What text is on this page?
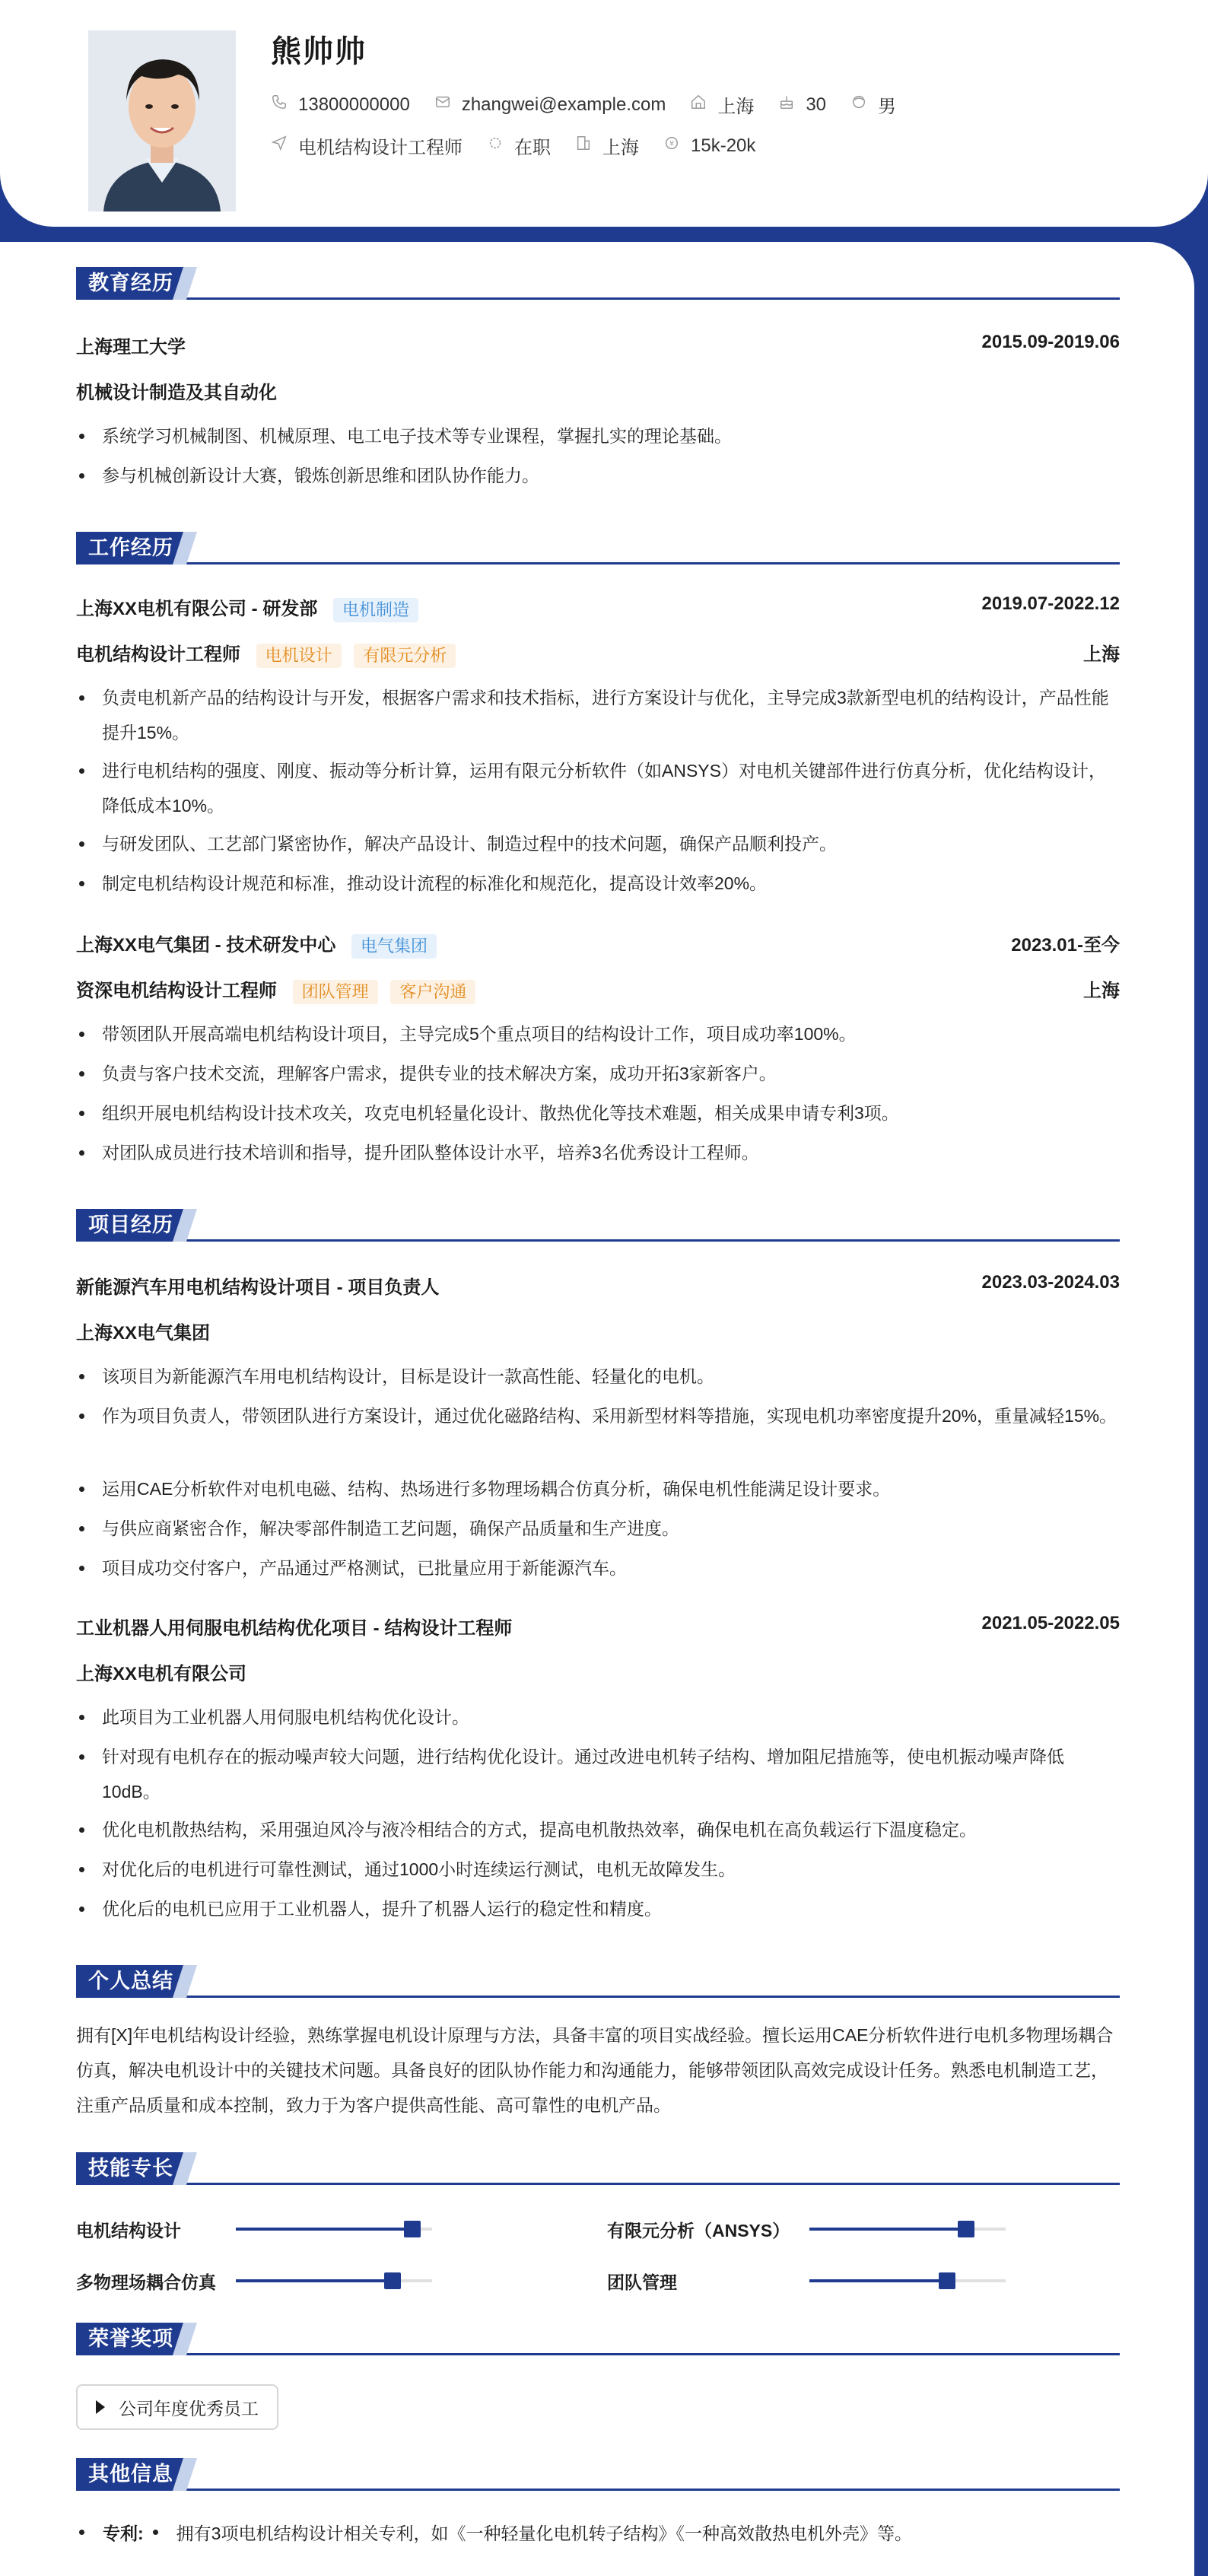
熊帅帅
13800000000	zhangwei@example.com	上海	30	男
电机结构设计工程师	在职	上海	¥ 15k-20k
教育经历
上海理工大学	2015.09-2019.06
机械设计制造及其自动化
系统学习机械制图、机械原理、电工电子技术等专业课程，掌握扎实的理论基础。
参与机械创新设计大赛，锻炼创新思维和团队协作能力。
工作经历
上海XX电机有限公司 - 研发部 电机制造	2019.07-2022.12
电机结构设计工程师 电机设计 有限元分析	上海
负责电机新产品的结构设计与开发，根据客户需求和技术指标，进行方案设计与优化，主导完成3款新型电机的结构设计，产品性能提升15%。
进行电机结构的强度、刚度、振动等分析计算，运用有限元分析软件（如ANSYS）对电机关键部件进行仿真分析，优化结构设计，降低成本10%。
与研发团队、工艺部门紧密协作，解决产品设计、制造过程中的技术问题，确保产品顺利投产。
制定电机结构设计规范和标准，推动设计流程的标准化和规范化，提高设计效率20%。
上海XX电气集团 - 技术研发中心 电气集团	2023.01-至今
资深电机结构设计工程师 团队管理 客户沟通	上海
带领团队开展高端电机结构设计项目，主导完成5个重点项目的结构设计工作，项目成功率100%。
负责与客户技术交流，理解客户需求，提供专业的技术解决方案，成功开拓3家新客户。
组织开展电机结构设计技术攻关，攻克电机轻量化设计、散热优化等技术难题，相关成果申请专利3项。
对团队成员进行技术培训和指导，提升团队整体设计水平，培养3名优秀设计工程师。
项目经历
新能源汽车用电机结构设计项目 - 项目负责人	2023.03-2024.03
上海XX电气集团
该项目为新能源汽车用电机结构设计，目标是设计一款高性能、轻量化的电机。
作为项目负责人，带领团队进行方案设计，通过优化磁路结构、采用新型材料等措施，实现电机功率密度提升20%，重量减轻15%。
运用CAE分析软件对电机电磁、结构、热场进行多物理场耦合仿真分析，确保电机性能满足设计要求。
与供应商紧密合作，解决零部件制造工艺问题，确保产品质量和生产进度。
项目成功交付客户，产品通过严格测试，已批量应用于新能源汽车。
工业机器人用伺服电机结构优化项目 - 结构设计工程师	2021.05-2022.05
上海XX电机有限公司
此项目为工业机器人用伺服电机结构优化设计。
针对现有电机存在的振动噪声较大问题，进行结构优化设计。通过改进电机转子结构、增加阻尼措施等，使电机振动噪声降低10dB。
优化电机散热结构，采用强迫风冷与液冷相结合的方式，提高电机散热效率，确保电机在高负载运行下温度稳定。
对优化后的电机进行可靠性测试，通过1000小时连续运行测试，电机无故障发生。
优化后的电机已应用于工业机器人，提升了机器人运行的稳定性和精度。
个人总结
拥有[X]年电机结构设计经验，熟练掌握电机设计原理与方法，具备丰富的项目实战经验。擅长运用CAE分析软件进行电机多物理场耦合仿真，解决电机设计中的关键技术问题。具备良好的团队协作能力和沟通能力，能够带领团队高效完成设计任务。熟悉电机制造工艺，注重产品质量和成本控制，致力于为客户提供高性能、高可靠性的电机产品。
技能专长
电机结构设计	有限元分析（ANSYS）
多物理场耦合仿真	团队管理
荣誉奖项
公司年度优秀员工
其他信息
专利: 拥有3项电机结构设计相关专利，如《一种轻量化电机转子结构》《一种高效散热电机外壳》等。
